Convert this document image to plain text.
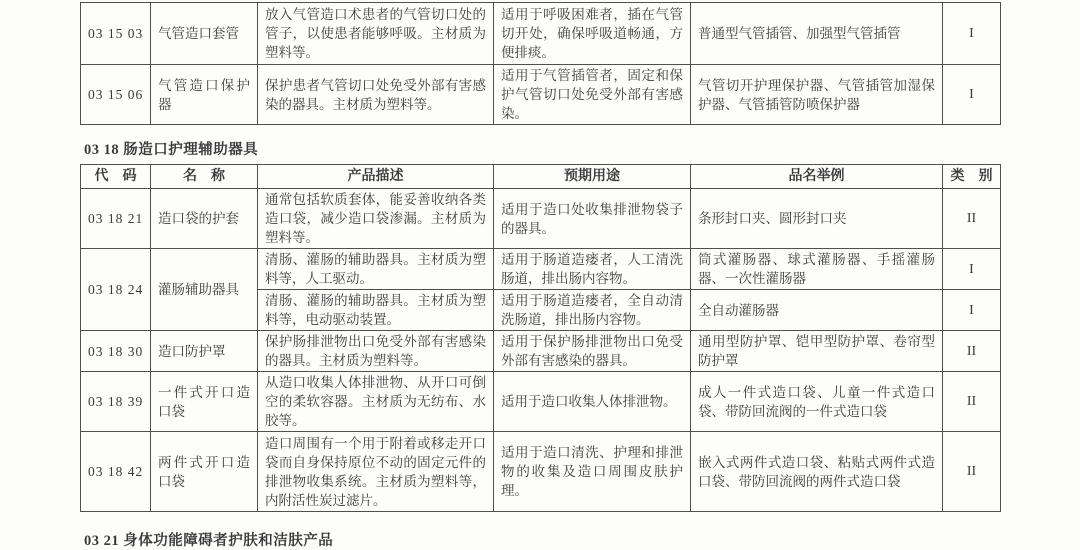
03 15 03	气管造口套管	放入气管造口术患者的气管切口处的管子，以使患者能够呼吸。主材质为塑料等。	适用于呼吸困难者，插在气管切开处，确保呼吸道畅通，方便排痰。	普通型气管插管、加强型气管插管	I
03 15 06	气管造口保护器	保护患者气管切口处免受外部有害感染的器具。主材质为塑料等。	适用于气管插管者，固定和保护气管切口处免受外部有害感染。	气管切开护理保护器、气管插管加湿保护器、气管插管防喷保护器	I
03 18 肠造口护理辅助器具
代　码	名　称	产品描述	预期用途	品名举例	类　别
03 18 21	造口袋的护套	通常包括软质套体，能妥善收纳各类造口袋，减少造口袋渗漏。主材质为塑料等。	适用于造口处收集排泄物袋子的器具。	条形封口夹、圆形封口夹	II
03 18 24	灌肠辅助器具	清肠、灌肠的辅助器具。主材质为塑料等，人工驱动。	适用于肠道造瘘者，人工清洗肠道，排出肠内容物。	筒式灌肠器、球式灌肠器、手摇灌肠器、一次性灌肠器	I
		清肠、灌肠的辅助器具。主材质为塑料等，电动驱动装置。	适用于肠道造瘘者，全自动清洗肠道，排出肠内容物。	全自动灌肠器	I
03 18 30	造口防护罩	保护肠排泄物出口免受外部有害感染的器具。主材质为塑料等。	适用于保护肠排泄物出口免受外部有害感染的器具。	通用型防护罩、铠甲型防护罩、卷帘型防护罩	II
03 18 39	一件式开口造口袋	从造口收集人体排泄物、从开口可倒空的柔软容器。主材质为无纺布、水胶等。	适用于造口收集人体排泄物。	成人一件式造口袋、儿童一件式造口袋、带防回流阀的一件式造口袋	II
03 18 42	两件式开口造口袋	造口周围有一个用于附着或移走开口袋而自身保持原位不动的固定元件的排泄物收集系统。主材质为塑料等，内附活性炭过滤片。	适用于造口清洗、护理和排泄物的收集及造口周围皮肤护理。	嵌入式两件式造口袋、粘贴式两件式造口袋、带防回流阀的两件式造口袋	II
03 21 身体功能障碍者护肤和洁肤产品
